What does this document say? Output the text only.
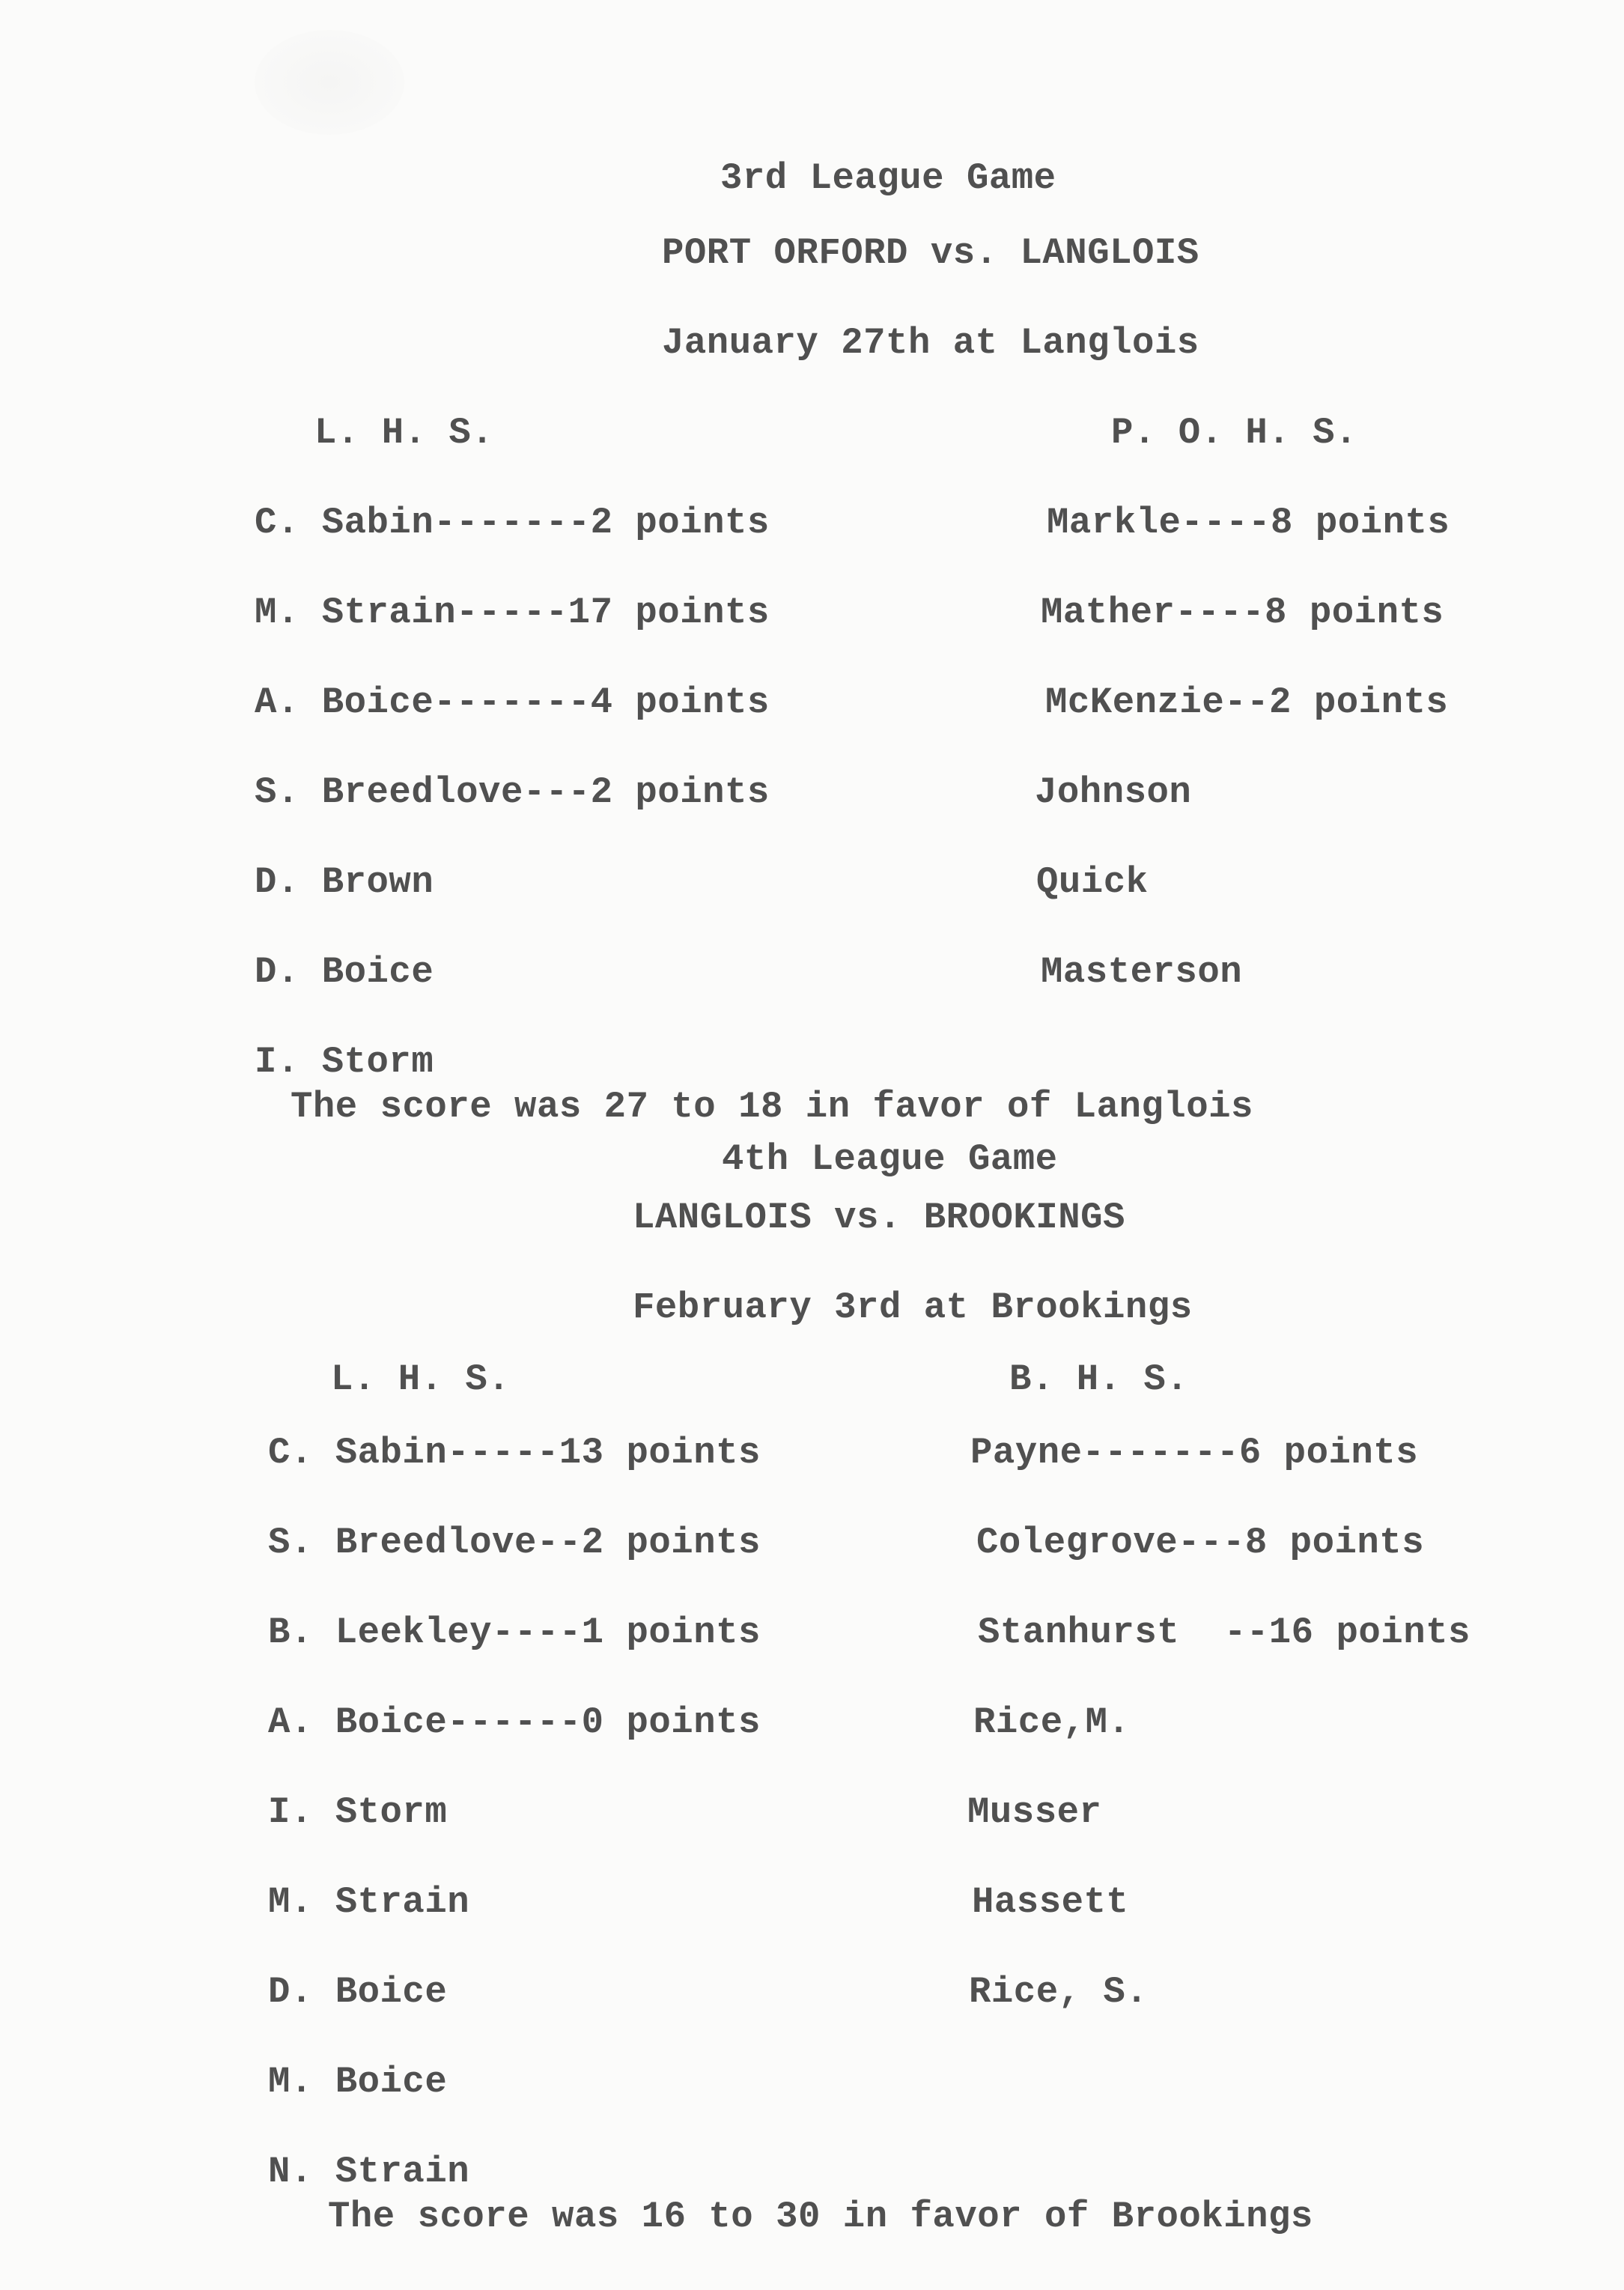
3rd League Game
PORT ORFORD vs. LANGLOIS
January 27th at Langlois
L. H. S.	P. O. H. S.
C. Sabin-------2 points
M. Strain-----17 points
A. Boice-------4 points
S. Breedlove---2 points
D. Brown
D. Boice
I. Storm
Markle----8 points
Mather----8 points
McKenzie--2 points
Johnson
Quick
Masterson
The score was 27 to 18 in favor of Langlois
4th League Game
LANGLOIS vs. BROOKINGS
February 3rd at Brookings
L. H. S.	B. H. S.
C. Sabin-----13 points
S. Breedlove--2 points
B. Leekley----1 points
A. Boice------0 points
I. Storm
M. Strain
D. Boice
M. Boice
N. Strain
Payne-------6 points
Colegrove---8 points
Stanhurst  --16 points
Rice,M.
Musser
Hassett
Rice, S.
The score was 16 to 30 in favor of Brookings
